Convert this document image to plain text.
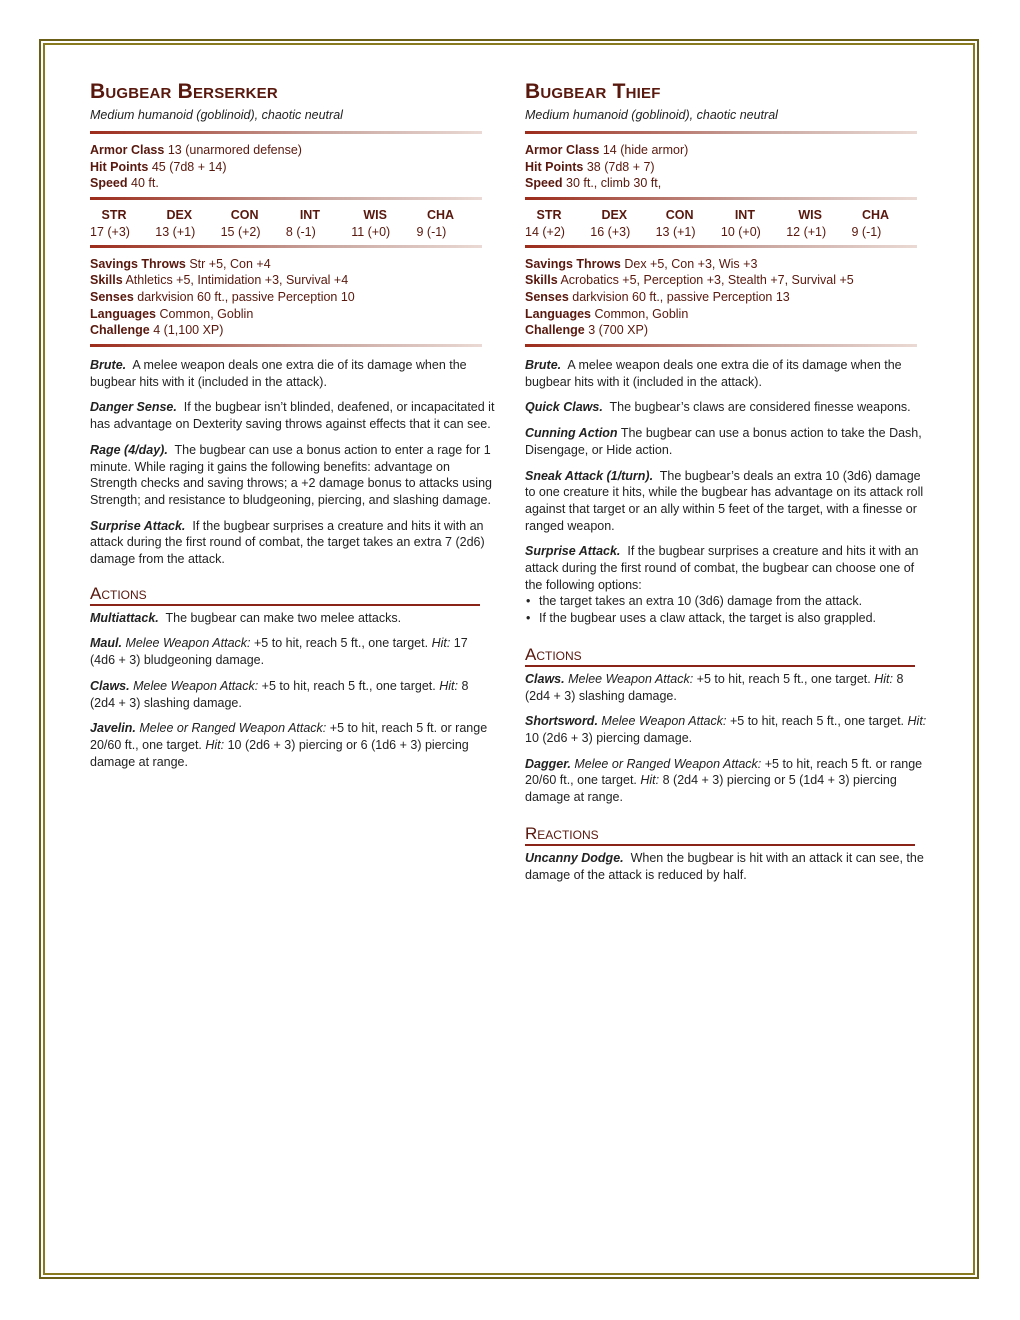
Bugbear Berserker
Medium humanoid (goblinoid), chaotic neutral
Armor Class 13 (unarmored defense)
Hit Points 45 (7d8 + 14)
Speed 40 ft.
STR
17 (+3)
DEX
13 (+1)
CON
15 (+2)
INT
8 (-1)
WIS
11 (+0)
CHA
9 (-1)
Savings Throws Str +5, Con +4
Skills Athletics +5, Intimidation +3, Survival +4
Senses darkvision 60 ft., passive Perception 10
Languages Common, Goblin
Challenge 4 (1,100 XP)

Brute. A melee weapon deals one extra die of its damage when the bugbear hits with it (included in the attack).

Danger Sense. If the bugbear isn’t blinded, deafened, or incapacitated it has advantage on Dexterity saving throws against effects that it can see.

Rage (4/day). The bugbear can use a bonus action to enter a rage for 1 minute. While raging it gains the following benefits: advantage on Strength checks and saving throws; a +2 damage bonus to attacks using Strength; and resistance to bludgeoning, piercing, and slashing damage.

Surprise Attack. If the bugbear surprises a creature and hits it with an attack during the first round of combat, the target takes an extra 7 (2d6) damage from the attack.

Actions

Multiattack. The bugbear can make two melee attacks.

Maul. Melee Weapon Attack: +5 to hit, reach 5 ft., one target. Hit: 17 (4d6 + 3) bludgeoning damage.

Claws. Melee Weapon Attack: +5 to hit, reach 5 ft., one target. Hit: 8 (2d4 + 3) slashing damage.

Javelin. Melee or Ranged Weapon Attack: +5 to hit, reach 5 ft. or range 20/60 ft., one target. Hit: 10 (2d6 + 3) piercing or 6 (1d6 + 3) piercing damage at range.

Bugbear Thief
Medium humanoid (goblinoid), chaotic neutral
Armor Class 14 (hide armor)
Hit Points 38 (7d8 + 7)
Speed 30 ft., climb 30 ft,
STR
14 (+2)
DEX
16 (+3)
CON
13 (+1)
INT
10 (+0)
WIS
12 (+1)
CHA
9 (-1)
Savings Throws Dex +5, Con +3, Wis +3
Skills Acrobatics +5, Perception +3, Stealth +7, Survival +5
Senses darkvision 60 ft., passive Perception 13
Languages Common, Goblin
Challenge 3 (700 XP)

Brute. A melee weapon deals one extra die of its damage when the bugbear hits with it (included in the attack).

Quick Claws. The bugbear’s claws are considered finesse weapons.

Cunning Action The bugbear can use a bonus action to take the Dash, Disengage, or Hide action.

Sneak Attack (1/turn). The bugbear’s deals an extra 10 (3d6) damage to one creature it hits, while the bugbear has advantage on its attack roll against that target or an ally within 5 feet of the target, with a finesse or ranged weapon.

Surprise Attack. If the bugbear surprises a creature and hits it with an attack during the first round of combat, the bugbear can choose one of the following options:

• the target takes an extra 10 (3d6) damage from the attack.
• If the bugbear uses a claw attack, the target is also grappled.
Actions

Claws. Melee Weapon Attack: +5 to hit, reach 5 ft., one target. Hit: 8 (2d4 + 3) slashing damage.

Shortsword. Melee Weapon Attack: +5 to hit, reach 5 ft., one target. Hit: 10 (2d6 + 3) piercing damage.

Dagger. Melee or Ranged Weapon Attack: +5 to hit, reach 5 ft. or range 20/60 ft., one target. Hit: 8 (2d4 + 3) piercing or 5 (1d4 + 3) piercing damage at range.

Reactions

Uncanny Dodge. When the bugbear is hit with an attack it can see, the damage of the attack is reduced by half.
